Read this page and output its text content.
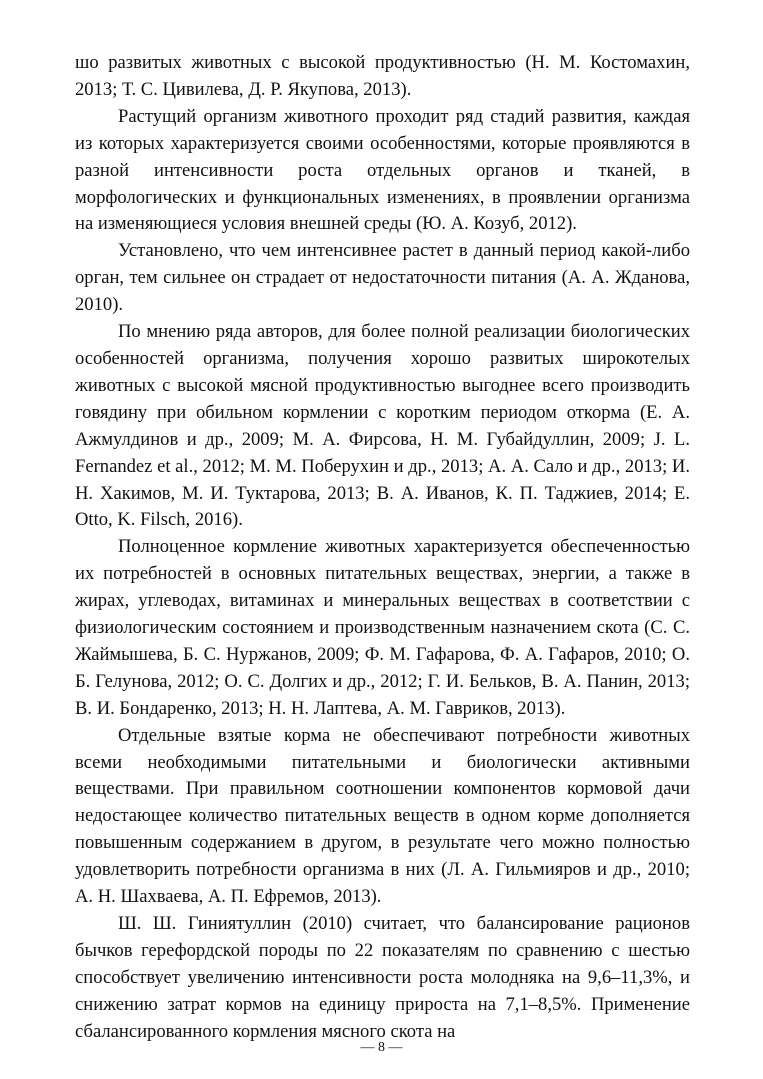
шо развитых животных с высокой продуктивностью (Н. М. Костомахин, 2013; Т. С. Цивилева, Д. Р. Якупова, 2013).

Растущий организм животного проходит ряд стадий развития, каждая из которых характеризуется своими особенностями, которые проявляются в разной интенсивности роста отдельных органов и тканей, в морфологических и функциональных изменениях, в проявлении организма на изменяющиеся условия внешней среды (Ю. А. Козуб, 2012).

Установлено, что чем интенсивнее растет в данный период какой-либо орган, тем сильнее он страдает от недостаточности питания (А. А. Жданова, 2010).

По мнению ряда авторов, для более полной реализации биологических особенностей организма, получения хорошо развитых широкотелых животных с высокой мясной продуктивностью выгоднее всего производить говядину при обильном кормлении с коротким периодом откорма (Е. А. Ажмулдинов и др., 2009; М. А. Фирсова, Н. М. Губайдуллин, 2009; J. L. Fernandez et al., 2012; М. М. Поберухин и др., 2013; А. А. Сало и др., 2013; И. Н. Хакимов, М. И. Туктарова, 2013; В. А. Иванов, К. П. Таджиев, 2014; E. Otto, K. Filsch, 2016).

Полноценное кормление животных характеризуется обеспеченностью их потребностей в основных питательных веществах, энергии, а также в жирах, углеводах, витаминах и минеральных веществах в соответствии с физиологическим состоянием и производственным назначением скота (С. С. Жаймышева, Б. С. Нуржанов, 2009; Ф. М. Гафарова, Ф. А. Гафаров, 2010; О. Б. Гелунова, 2012; О. С. Долгих и др., 2012; Г. И. Бельков, В. А. Панин, 2013; В. И. Бондаренко, 2013; Н. Н. Лаптева, А. М. Гавриков, 2013).

Отдельные взятые корма не обеспечивают потребности животных всеми необходимыми питательными и биологически активными веществами. При правильном соотношении компонентов кормовой дачи недостающее количество питательных веществ в одном корме дополняется повышенным содержанием в другом, в результате чего можно полностью удовлетворить потребности организма в них (Л. А. Гильмияров и др., 2010; А. Н. Шахваева, А. П. Ефремов, 2013).

Ш. Ш. Гиниятуллин (2010) считает, что балансирование рационов бычков герефордской породы по 22 показателям по сравнению с шестью способствует увеличению интенсивности роста молодняка на 9,6–11,3%, и снижению затрат кормов на единицу прироста на 7,1–8,5%. Применение сбалансированного кормления мясного скота на

— 8 —
